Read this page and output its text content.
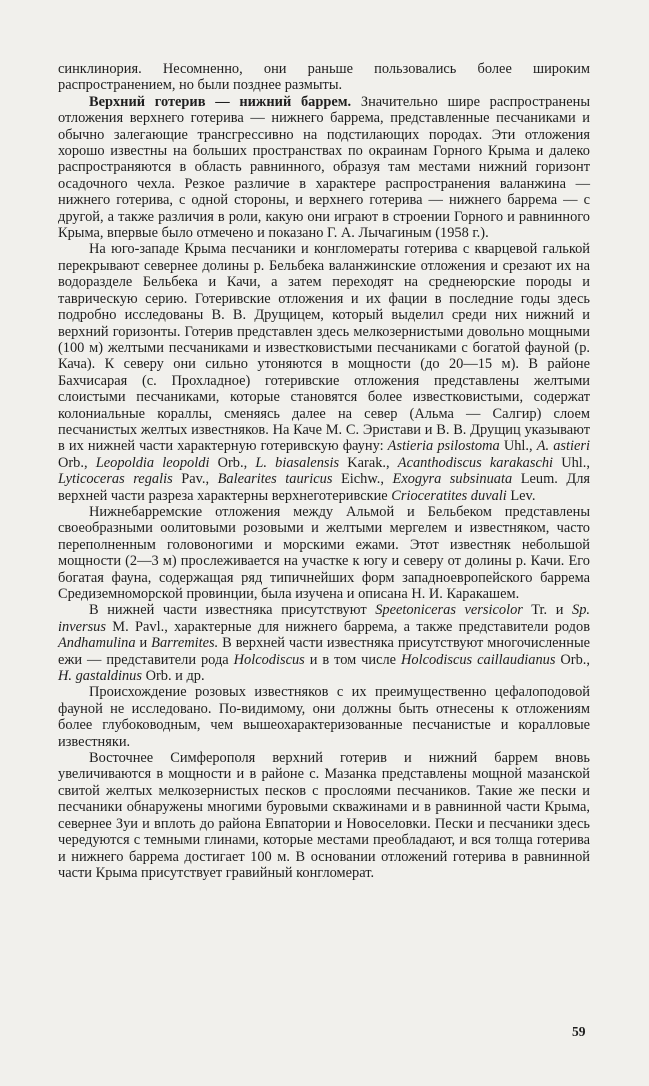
синклинория. Несомненно, они раньше пользовались более широким распространением, но были позднее размыты.

Верхний готерив — нижний баррем. Значительно шире распространены отложения верхнего готерива — нижнего баррема, представленные песчаниками и обычно залегающие трансгрессивно на подстилающих породах. Эти отложения хорошо известны на больших пространствах по окраинам Горного Крыма и далеко распространяются в область равнинного, образуя там местами нижний горизонт осадочного чехла. Резкое различие в характере распространения валанжина — нижнего готерива, с одной стороны, и верхнего готерива — нижнего баррема — с другой, а также различия в роли, какую они играют в строении Горного и равнинного Крыма, впервые было отмечено и показано Г. А. Лычагиным (1958 г.).

На юго-западе Крыма песчаники и конгломераты готерива с кварцевой галькой перекрывают севернее долины р. Бельбека валанжинские отложения и срезают их на водоразделе Бельбека и Качи, а затем переходят на среднеюрские породы и таврическую серию. Готеривские отложения и их фации в последние годы здесь подробно исследованы В. В. Друщицем, который выделил среди них нижний и верхний горизонты. Готерив представлен здесь мелкозернистыми довольно мощными (100 м) желтыми песчаниками и известковистыми песчаниками с богатой фауной (р. Кача). К северу они сильно утоняются в мощности (до 20—15 м). В районе Бахчисарая (с. Прохладное) готеривские отложения представлены желтыми слоистыми песчаниками, которые становятся более известковистыми, содержат колониальные кораллы, сменяясь далее на север (Альма — Салгир) слоем песчанистых желтых известняков. На Каче М. С. Эристави и В. В. Друщиц указывают в их нижней части характерную готеривскую фауну: Astieria psilostoma Uhl., A. astieri Orb., Leopoldia leopoldi Orb., L. biasalensis Karak., Acanthodiscus karakaschi Uhl., Lyticoceras regalis Pav., Balearites tauricus Eichw., Exogyra subsinuata Leum. Для верхней части разреза характерны верхнеготеривские Crioceratites duvali Lev.

Нижнебарремские отложения между Альмой и Бельбеком представлены своеобразными оолитовыми розовыми и желтыми мергелем и известняком, часто переполненным головоногими и морскими ежами. Этот известняк небольшой мощности (2—3 м) прослеживается на участке к югу и северу от долины р. Качи. Его богатая фауна, содержащая ряд типичнейших форм западноевропейского баррема Средиземноморской провинции, была изучена и описана Н. И. Каракашем.

В нижней части известняка присутствуют Speetoniceras versicolor Tr. и Sp. inversus M. Pavl., характерные для нижнего баррема, а также представители родов Andhamulina и Barremites. В верхней части известняка присутствуют многочисленные ежи — представители рода Holcodiscus и в том числе Holcodiscus caillaudianus Orb., H. gastaldinus Orb. и др.

Происхождение розовых известняков с их преимущественно цефалоподовой фауной не исследовано. По-видимому, они должны быть отнесены к отложениям более глубоководным, чем вышеохарактеризованные песчанистые и коралловые известняки.

Восточнее Симферополя верхний готерив и нижний баррем вновь увеличиваются в мощности и в районе с. Мазанка представлены мощной мазанской свитой желтых мелкозернистых песков с прослоями песчаников. Такие же пески и песчаники обнаружены многими буровыми скважинами и в равнинной части Крыма, севернее Зуи и вплоть до района Евпатории и Новоселовки. Пески и песчаники здесь чередуются с темными глинами, которые местами преобладают, и вся толща готерива и нижнего баррема достигает 100 м. В основании отложений готерива в равнинной части Крыма присутствует гравийный конгломерат.

59
